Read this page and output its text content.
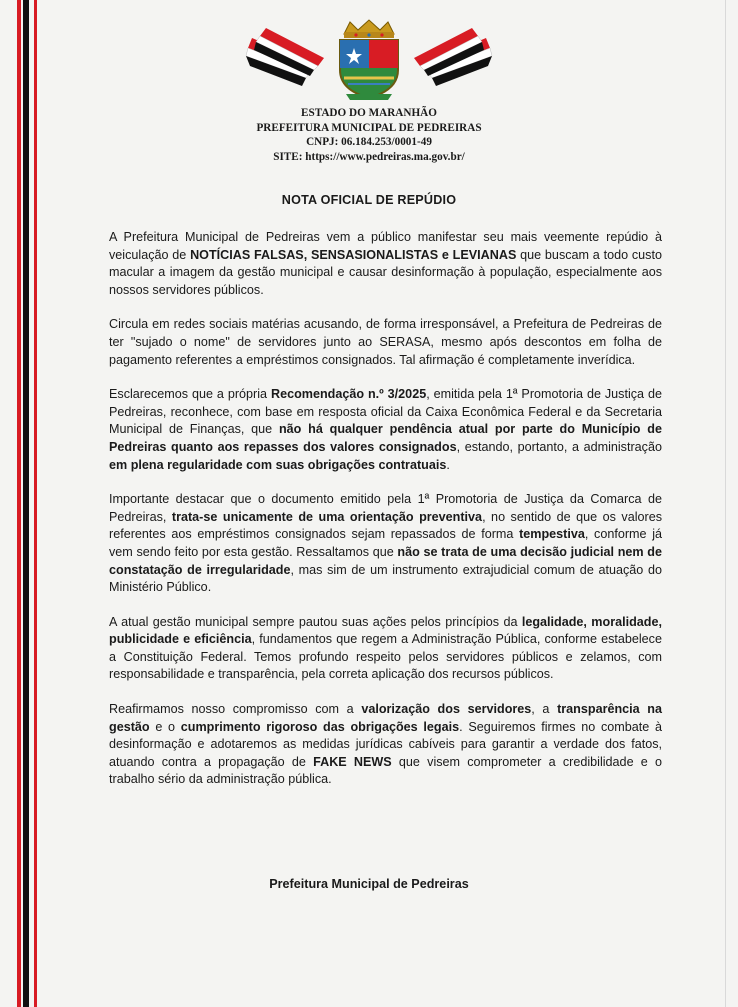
ESTADO DO MARANHÃO
PREFEITURA MUNICIPAL DE PEDREIRAS
CNPJ: 06.184.253/0001-49
SITE: https://www.pedreiras.ma.gov.br/
NOTA OFICIAL DE REPÚDIO

A Prefeitura Municipal de Pedreiras vem a público manifestar seu mais veemente repúdio à veiculação de NOTÍCIAS FALSAS, SENSASIONALISTAS e LEVIANAS que buscam a todo custo macular a imagem da gestão municipal e causar desinformação à população, especialmente aos nossos servidores públicos.

Circula em redes sociais matérias acusando, de forma irresponsável, a Prefeitura de Pedreiras de ter "sujado o nome" de servidores junto ao SERASA, mesmo após descontos em folha de pagamento referentes a empréstimos consignados. Tal afirmação é completamente inverídica.

Esclarecemos que a própria Recomendação n.º 3/2025, emitida pela 1ª Promotoria de Justiça de Pedreiras, reconhece, com base em resposta oficial da Caixa Econômica Federal e da Secretaria Municipal de Finanças, que não há qualquer pendência atual por parte do Município de Pedreiras quanto aos repasses dos valores consignados, estando, portanto, a administração em plena regularidade com suas obrigações contratuais.

Importante destacar que o documento emitido pela 1ª Promotoria de Justiça da Comarca de Pedreiras, trata-se unicamente de uma orientação preventiva, no sentido de que os valores referentes aos empréstimos consignados sejam repassados de forma tempestiva, conforme já vem sendo feito por esta gestão. Ressaltamos que não se trata de uma decisão judicial nem de constatação de irregularidade, mas sim de um instrumento extrajudicial comum de atuação do Ministério Público.

A atual gestão municipal sempre pautou suas ações pelos princípios da legalidade, moralidade, publicidade e eficiência, fundamentos que regem a Administração Pública, conforme estabelece a Constituição Federal. Temos profundo respeito pelos servidores públicos e zelamos, com responsabilidade e transparência, pela correta aplicação dos recursos públicos.

Reafirmamos nosso compromisso com a valorização dos servidores, a transparência na gestão e o cumprimento rigoroso das obrigações legais. Seguiremos firmes no combate à desinformação e adotaremos as medidas jurídicas cabíveis para garantir a verdade dos fatos, atuando contra a propagação de FAKE NEWS que visem comprometer a credibilidade e o trabalho sério da administração pública.

Prefeitura Municipal de Pedreiras
